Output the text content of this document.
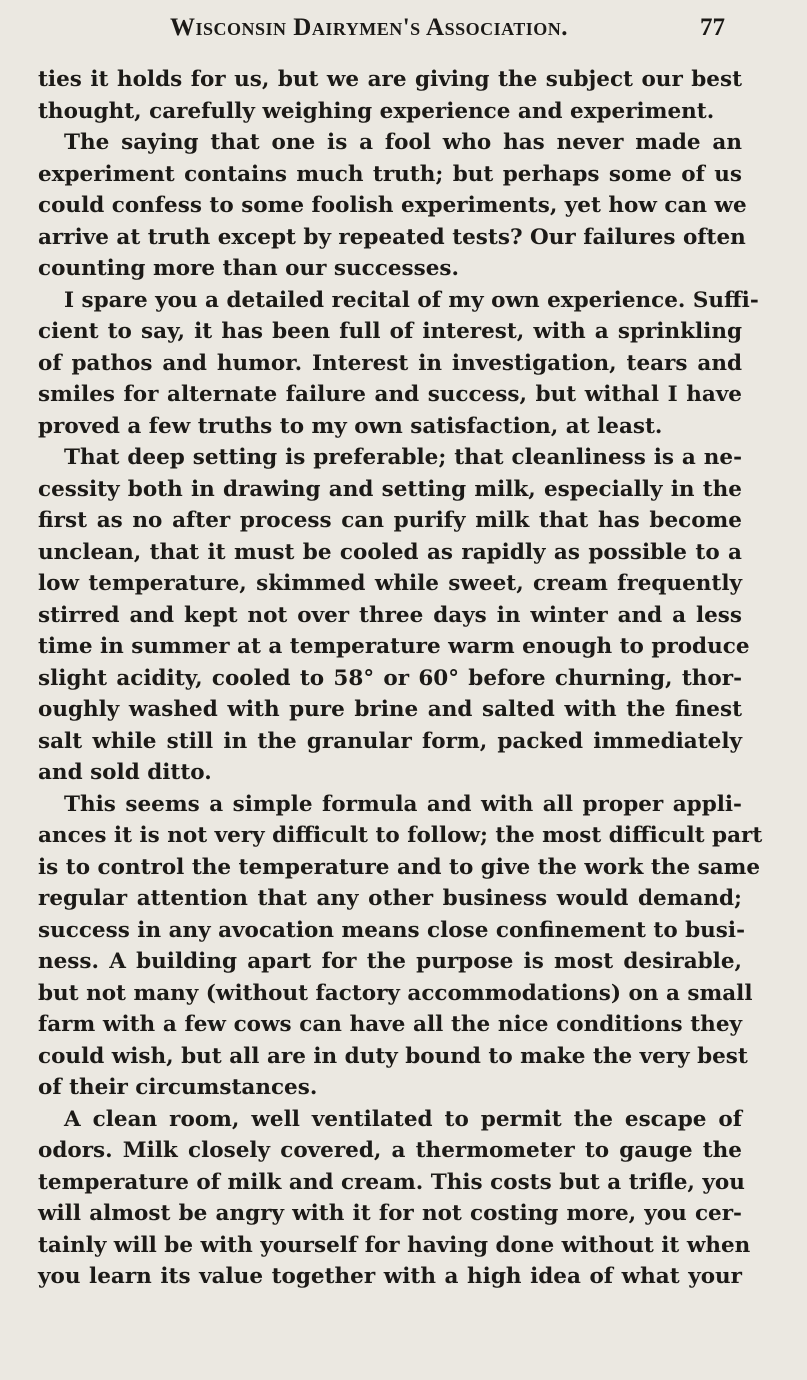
Wisconsin Dairymen's Association.	77
ties it holds for us, but we are giving the subject our best
thought, carefully weighing experience and experiment.
The saying that one is a fool who has never made an
experiment contains much truth; but perhaps some of us
could confess to some foolish experiments, yet how can we
arrive at truth except by repeated tests? Our failures often
counting more than our successes.
I spare you a detailed recital of my own experience. Suffi-
cient to say, it has been full of interest, with a sprinkling
of pathos and humor. Interest in investigation, tears and
smiles for alternate failure and success, but withal I have
proved a few truths to my own satisfaction, at least.
That deep setting is preferable; that cleanliness is a ne-
cessity both in drawing and setting milk, especially in the
first as no after process can purify milk that has become
unclean, that it must be cooled as rapidly as possible to a
low temperature, skimmed while sweet, cream frequently
stirred and kept not over three days in winter and a less
time in summer at a temperature warm enough to produce
slight acidity, cooled to 58° or 60° before churning, thor-
oughly washed with pure brine and salted with the finest
salt while still in the granular form, packed immediately
and sold ditto.
This seems a simple formula and with all proper appli-
ances it is not very difficult to follow; the most difficult part
is to control the temperature and to give the work the same
regular attention that any other business would demand;
success in any avocation means close confinement to busi-
ness. A building apart for the purpose is most desirable,
but not many (without factory accommodations) on a small
farm with a few cows can have all the nice conditions they
could wish, but all are in duty bound to make the very best
of their circumstances.
A clean room, well ventilated to permit the escape of
odors. Milk closely covered, a thermometer to gauge the
temperature of milk and cream. This costs but a trifle, you
will almost be angry with it for not costing more, you cer-
tainly will be with yourself for having done without it when
you learn its value together with a high idea of what your
